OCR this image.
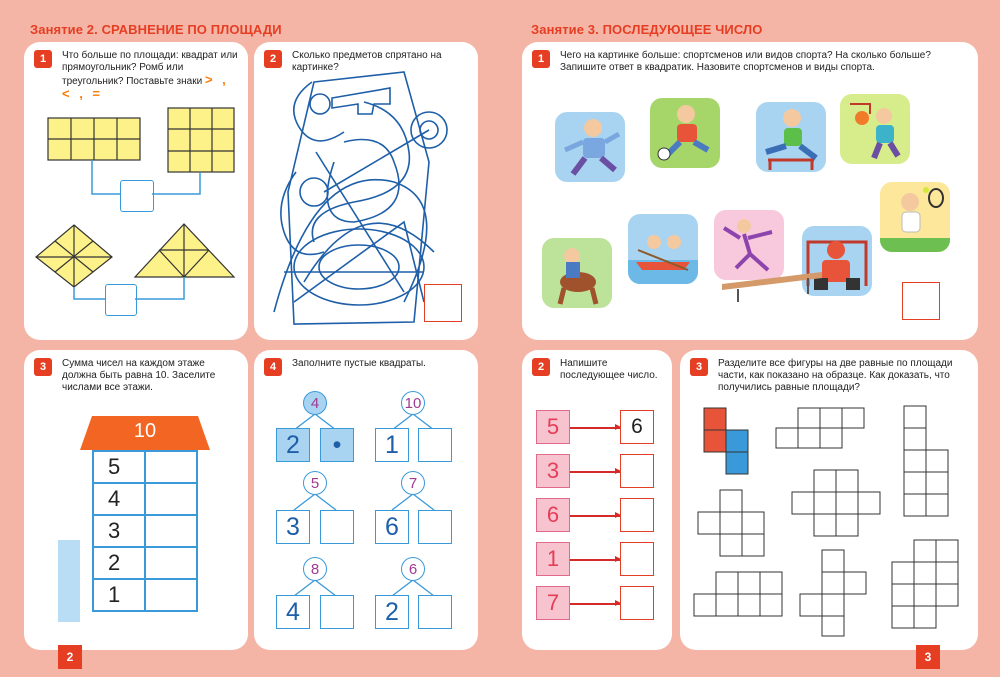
Занятие 2. СРАВНЕНИЕ ПО ПЛОЩАДИ
1	Что больше по площади: квадрат или прямоугольник? Ромб или треугольник? Поставьте знаки > , < , =
2	Сколько предметов спрятано на картинке?
3	Сумма чисел на каждом этаже должна быть равна 10. Заселите числами все этажи.
10
5
4
3
2
1
4	Заполните пустые квадраты.
4
2	•
10
1
5
3
7
6
8
4
6
2
2
Занятие 3. ПОСЛЕДУЮЩЕЕ ЧИСЛО
1	Чего на картинке больше: спортсменов или видов спорта? На сколько больше? Запишите ответ в квадратик. Назовите спортсменов и виды спорта.
2	Напишите последующее число.
5	6
3
6
1
7
3	Разделите все фигуры на две равные по площади части, как показано на образце. Как доказать, что получились равные площади?
3
